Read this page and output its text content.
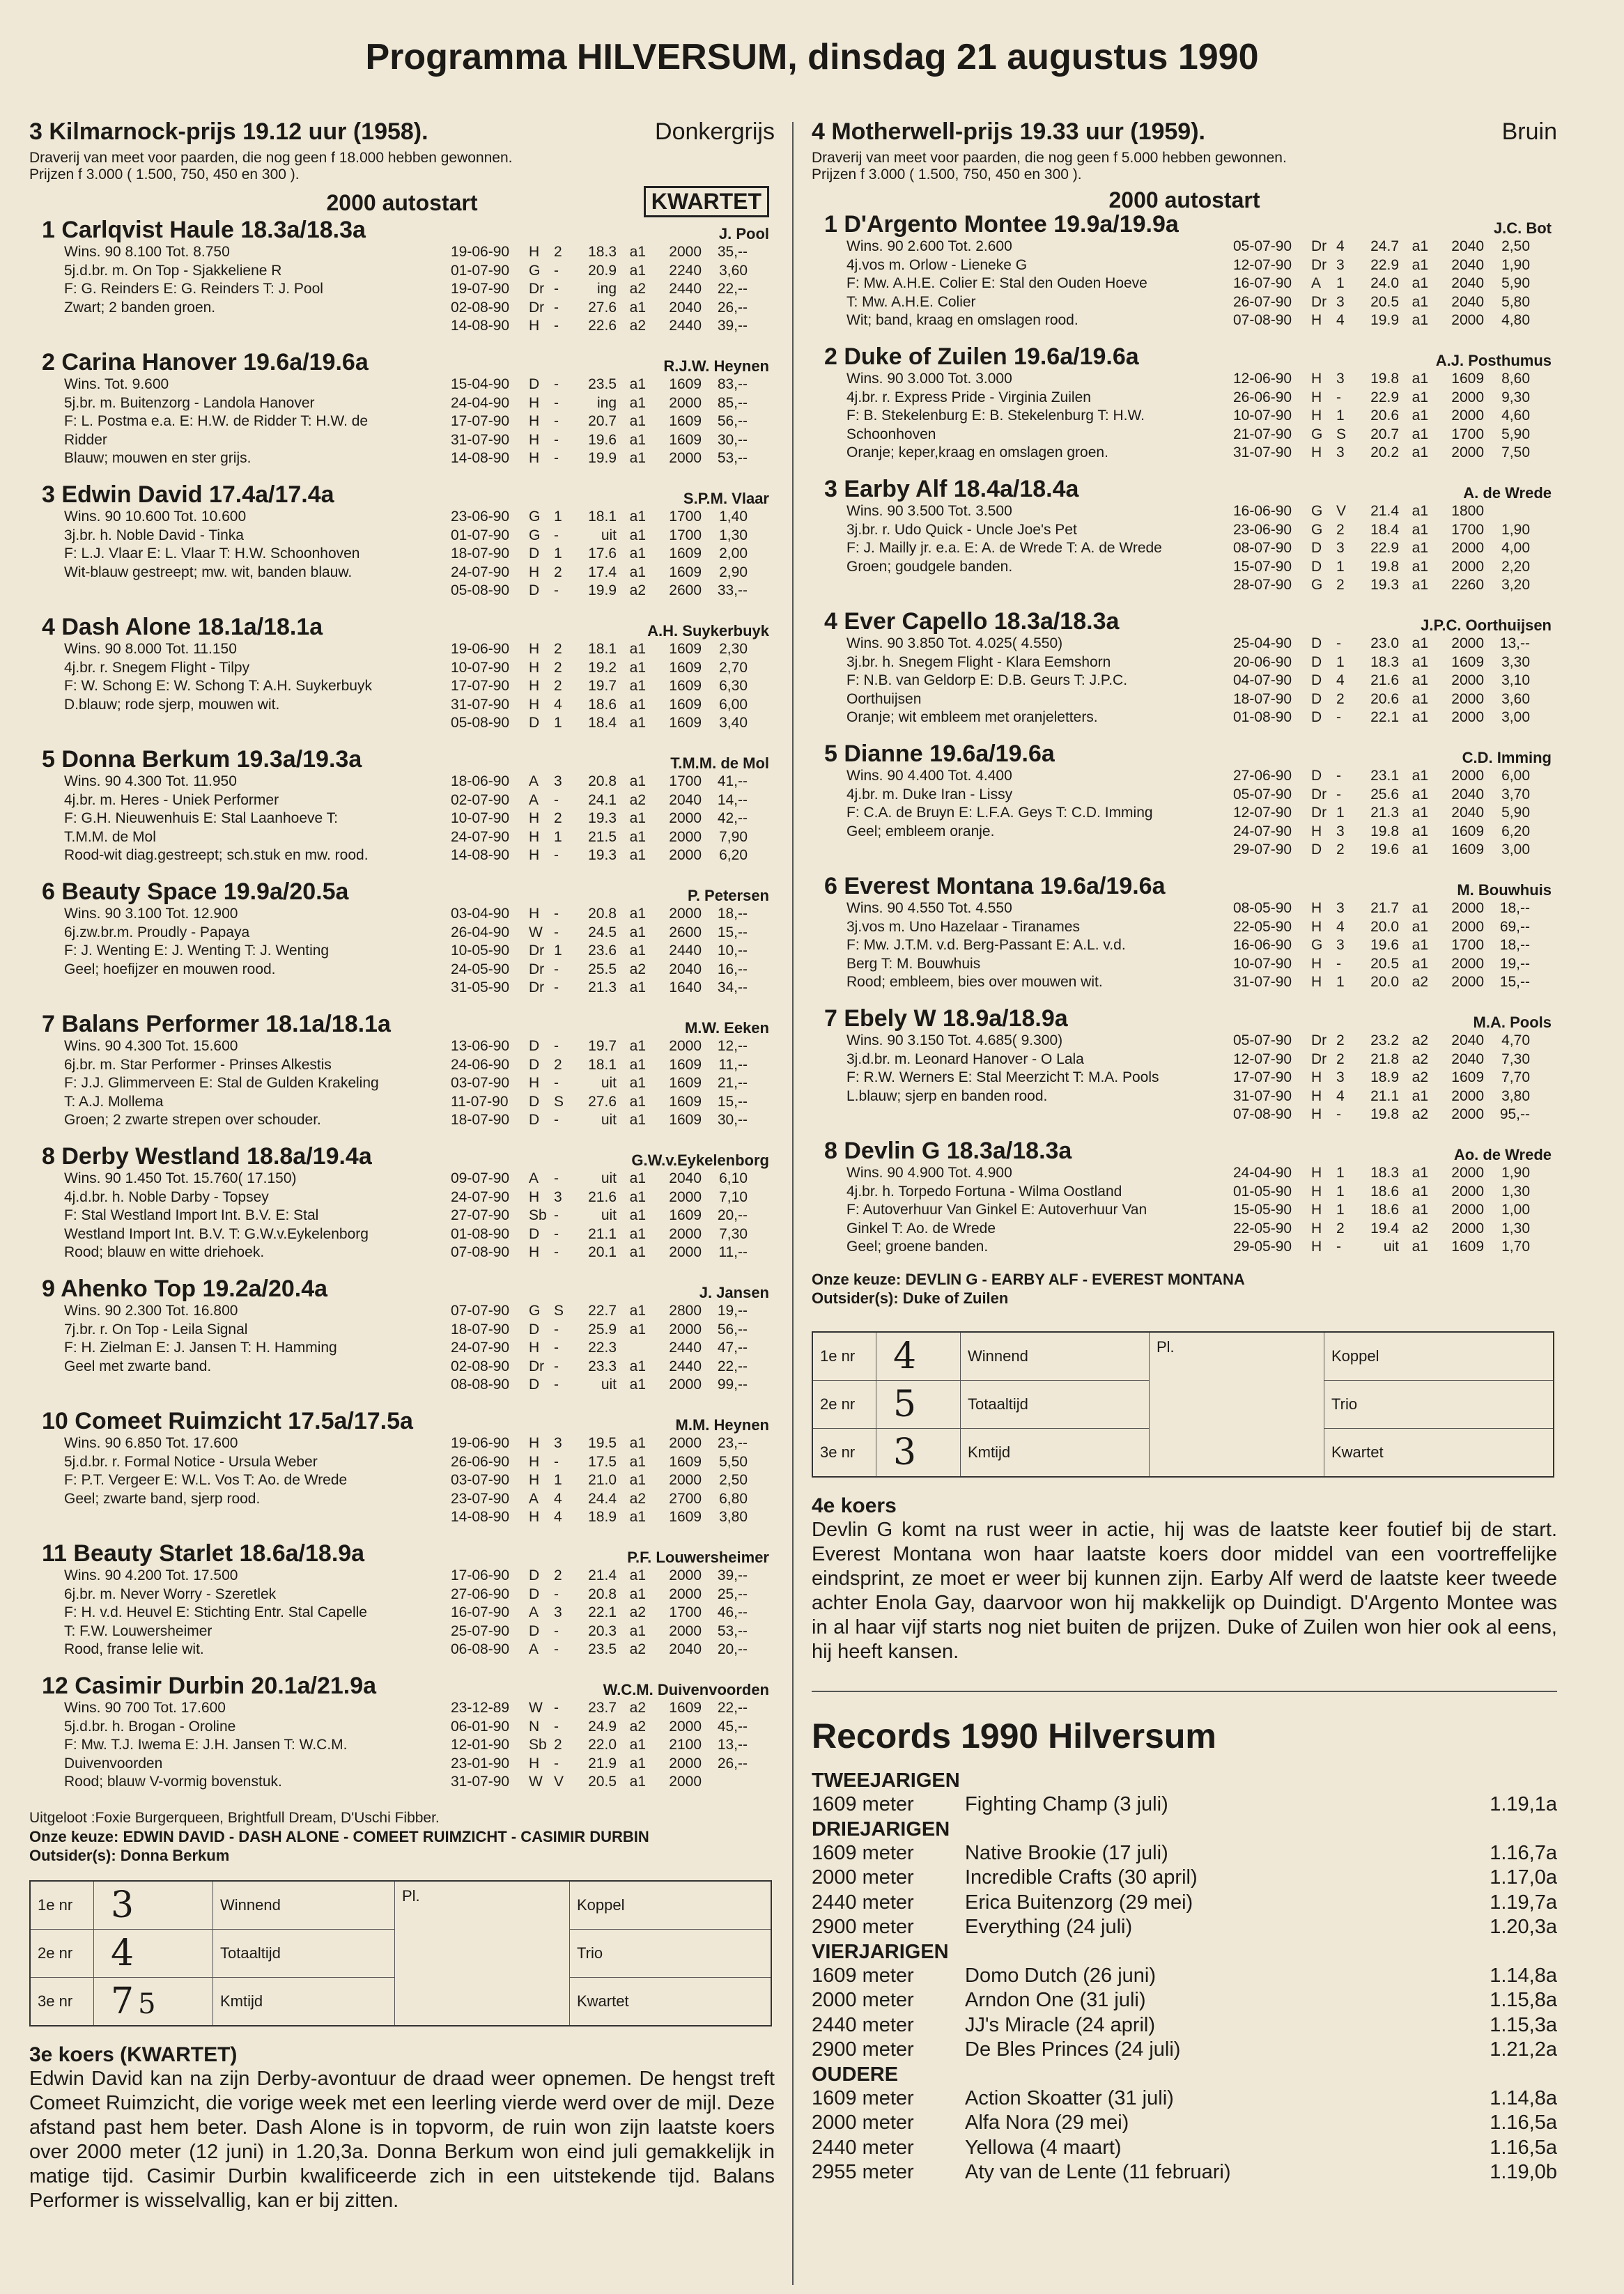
Programma HILVERSUM, dinsdag 21 augustus 1990
3 Kilmarnock-prijs 19.12 uur (1958).	Donkergrijs
Draverij van meet voor paarden, die nog geen f 18.000 hebben gewonnen.
Prijzen f 3.000 ( 1.500, 750, 450 en 300 ).
2000 autostart	KWARTET
1 Carlqvist Haule 18.3a/18.3a	J. Pool
Wins. 90 8.100 Tot. 8.750
5j.d.br. m. On Top - Sjakkeliene R
F: G. Reinders E: G. Reinders T: J. Pool
Zwart; 2 banden groen.
19-06-90	H 2	18.3 a1	2000	35,--
01-07-90	G -	20.9 a1	2240	3,60
19-07-90	Dr -	ing a2	2440	22,--
02-08-90	Dr -	27.6 a1	2040	26,--
14-08-90	H -	22.6 a2	2440	39,--
2 Carina Hanover 19.6a/19.6a	R.J.W. Heynen
Wins. Tot. 9.600
5j.br. m. Buitenzorg - Landola Hanover
F: L. Postma e.a. E: H.W. de Ridder T: H.W. de
Ridder
Blauw; mouwen en ster grijs.
15-04-90	D -	23.5 a1	1609	83,--
24-04-90	H -	ing a1	2000	85,--
17-07-90	H -	20.7 a1	1609	56,--
31-07-90	H -	19.6 a1	1609	30,--
14-08-90	H -	19.9 a1	2000	53,--
3 Edwin David 17.4a/17.4a	S.P.M. Vlaar
Wins. 90 10.600 Tot. 10.600
3j.br. h. Noble David - Tinka
F: L.J. Vlaar E: L. Vlaar T: H.W. Schoonhoven
Wit-blauw gestreept; mw. wit, banden blauw.
23-06-90	G 1	18.1 a1	1700	1,40
01-07-90	G -	uit a1	1700	1,30
18-07-90	D 1	17.6 a1	1609	2,00
24-07-90	H 2	17.4 a1	1609	2,90
05-08-90	D -	19.9 a2	2600	33,--
4 Dash Alone 18.1a/18.1a	A.H. Suykerbuyk
Wins. 90 8.000 Tot. 11.150
4j.br. r. Snegem Flight - Tilpy
F: W. Schong E: W. Schong T: A.H. Suykerbuyk
D.blauw; rode sjerp, mouwen wit.
19-06-90	H 2	18.1 a1	1609	2,30
10-07-90	H 2	19.2 a1	1609	2,70
17-07-90	H 2	19.7 a1	1609	6,30
31-07-90	H 4	18.6 a1	1609	6,00
05-08-90	D 1	18.4 a1	1609	3,40
5 Donna Berkum 19.3a/19.3a	T.M.M. de Mol
Wins. 90 4.300 Tot. 11.950
4j.br. m. Heres - Uniek Performer
F: G.H. Nieuwenhuis E: Stal Laanhoeve T:
T.M.M. de Mol
Rood-wit diag.gestreept; sch.stuk en mw. rood.
18-06-90	A	3	20.8 a1	1700	41,--
02-07-90	A	-	24.1 a2	2040	14,--
10-07-90	H 2	19.3 a1	2000	42,--
24-07-90	H 1	21.5 a1	2000	7,90
14-08-90	H -	19.3 a1	2000	6,20
6 Beauty Space 19.9a/20.5a	P. Petersen
Wins. 90 3.100 Tot. 12.900
6j.zw.br.m. Proudly - Papaya
F: J. Wenting E: J. Wenting T: J. Wenting
Geel; hoefijzer en mouwen rood.
03-04-90	H -	20.8 a1	2000	18,--
26-04-90	W -	24.5 a1	2600	15,--
10-05-90	Dr 1	23.6 a1	2440	10,--
24-05-90	Dr -	25.5 a2	2040	16,--
31-05-90	Dr -	21.3 a1	1640	34,--
7 Balans Performer 18.1a/18.1a	M.W. Eeken
Wins. 90 4.300 Tot. 15.600
6j.br. m. Star Performer - Prinses Alkestis
F: J.J. Glimmerveen E: Stal de Gulden Krakeling
T: A.J. Mollema
Groen; 2 zwarte strepen over schouder.
13-06-90	D -	19.7 a1	2000	12,--
24-06-90	D 2	18.1 a1	1609	11,--
03-07-90	H -	uit a1	1609	21,--
11-07-90	D S	27.6 a1	1609	15,--
18-07-90	D -	uit a1	1609	30,--
8 Derby Westland 18.8a/19.4a	G.W.v.Eykelenborg
Wins. 90 1.450 Tot. 15.760( 17.150)
4j.d.br. h. Noble Darby - Topsey
F: Stal Westland Import Int. B.V. E: Stal
Westland Import Int. B.V. T: G.W.v.Eykelenborg
Rood; blauw en witte driehoek.
09-07-90	A	-	uit a1	2040	6,10
24-07-90	H 3	21.6 a1	2000	7,10
27-07-90	Sb -	uit a1	1609	20,--
01-08-90	D -	21.1 a1	2000	7,30
07-08-90	H -	20.1 a1	2000	11,--
9 Ahenko Top 19.2a/20.4a	J. Jansen
Wins. 90 2.300 Tot. 16.800
7j.br. r. On Top - Leila Signal
F: H. Zielman E: J. Jansen T: H. Hamming
Geel met zwarte band.
07-07-90	G S	22.7 a1	2800	19,--
18-07-90	D -	25.9 a1	2000	56,--
24-07-90	H -	22.3	2440	47,--
02-08-90	Dr -	23.3 a1	2440	22,--
08-08-90	D -	uit a1	2000	99,--
10 Comeet Ruimzicht 17.5a/17.5a	M.M. Heynen
Wins. 90 6.850 Tot. 17.600
5j.d.br. r. Formal Notice - Ursula Weber
F: P.T. Vergeer E: W.L. Vos T: Ao. de Wrede
Geel; zwarte band, sjerp rood.
19-06-90	H 3	19.5 a1	2000	23,--
26-06-90	H -	17.5 a1	1609	5,50
03-07-90	H 1	21.0 a1	2000	2,50
23-07-90	A	4	24.4 a2	2700	6,80
14-08-90	H 4	18.9 a1	1609	3,80
11 Beauty Starlet 18.6a/18.9a	P.F. Louwersheimer
Wins. 90 4.200 Tot. 17.500
6j.br. m. Never Worry - Szeretlek
F: H. v.d. Heuvel E: Stichting Entr. Stal Capelle
T: F.W. Louwersheimer
Rood, franse lelie wit.
17-06-90	D 2	21.4 a1	2000	39,--
27-06-90	D -	20.8 a1	2000	25,--
16-07-90	A	3	22.1 a2	1700	46,--
25-07-90	D -	20.3 a1	2000	53,--
06-08-90	A	-	23.5 a2	2040	20,--
12 Casimir Durbin 20.1a/21.9a	W.C.M. Duivenvoorden
Wins. 90 700 Tot. 17.600
5j.d.br. h. Brogan - Oroline
F: Mw. T.J. Iwema E: J.H. Jansen T: W.C.M.
Duivenvoorden
Rood; blauw V-vormig bovenstuk.
23-12-89	W -	23.7 a2	1609	22,--
06-01-90	N -	24.9 a2	2000	45,--
12-01-90	Sb 2	22.0 a1	2100	13,--
23-01-90	H -	21.9 a1	2000	26,--
31-07-90	W V	20.5 a1	2000
Uitgeloot :Foxie Burgerqueen, Brightfull Dream, D'Uschi Fibber.
Onze keuze: EDWIN DAVID - DASH ALONE - COMEET RUIMZICHT - CASIMIR DURBIN
Outsider(s): Donna Berkum
1e nr	3	Winnend	Pl.	Koppel
2e nr	4	Totaaltijd		Trio
3e nr	7 5	Kmtijd		Kwartet
3e koers (KWARTET)
Edwin David kan na zijn Derby-avontuur de draad weer opnemen. De hengst treft Comeet Ruimzicht, die vorige week met een leerling vierde werd over de mijl. Deze afstand past hem beter. Dash Alone is in topvorm, de ruin won zijn laatste koers over 2000 meter (12 juni) in 1.20,3a. Donna Berkum won eind juli gemakkelijk in matige tijd. Casimir Durbin kwalificeerde zich in een uitstekende tijd. Balans Performer is wisselvallig, kan er bij zitten.
4 Motherwell-prijs 19.33 uur (1959).	Bruin
Draverij van meet voor paarden, die nog geen f 5.000 hebben gewonnen.
Prijzen f 3.000 ( 1.500, 750, 450 en 300 ).
2000 autostart
1 D'Argento Montee 19.9a/19.9a	J.C. Bot
Wins. 90 2.600 Tot. 2.600
4j.vos m. Orlow - Lieneke G
F: Mw. A.H.E. Colier E: Stal den Ouden Hoeve
T: Mw. A.H.E. Colier
Wit; band, kraag en omslagen rood.
05-07-90	Dr 4	24.7 a1	2040	2,50
12-07-90	Dr 3	22.9 a1	2040	1,90
16-07-90	A	1	24.0 a1	2040	5,90
26-07-90	Dr 3	20.5 a1	2040	5,80
07-08-90	H 4	19.9 a1	2000	4,80
2 Duke of Zuilen 19.6a/19.6a	A.J. Posthumus
Wins. 90 3.000 Tot. 3.000
4j.br. r. Express Pride - Virginia Zuilen
F: B. Stekelenburg E: B. Stekelenburg T: H.W.
Schoonhoven
Oranje; keper,kraag en omslagen groen.
12-06-90	H 3	19.8 a1	1609	8,60
26-06-90	H -	22.9 a1	2000	9,30
10-07-90	H 1	20.6 a1	2000	4,60
21-07-90	G S	20.7 a1	1700	5,90
31-07-90	H 3	20.2 a1	2000	7,50
3 Earby Alf 18.4a/18.4a	A. de Wrede
Wins. 90 3.500 Tot. 3.500
3j.br. r. Udo Quick - Uncle Joe's Pet
F: J. Mailly jr. e.a. E: A. de Wrede T: A. de Wrede
Groen; goudgele banden.
16-06-90	G V	21.4 a1	1800
23-06-90	G 2	18.4 a1	1700	1,90
08-07-90	D 3	22.9 a1	2000	4,00
15-07-90	D 1	19.8 a1	2000	2,20
28-07-90	G 2	19.3 a1	2260	3,20
4 Ever Capello 18.3a/18.3a	J.P.C. Oorthuijsen
Wins. 90 3.850 Tot. 4.025( 4.550)
3j.br. h. Snegem Flight - Klara Eemshorn
F: N.B. van Geldorp E: D.B. Geurs T: J.P.C.
Oorthuijsen
Oranje; wit embleem met oranjeletters.
25-04-90	D -	23.0 a1	2000	13,--
20-06-90	D 1	18.3 a1	1609	3,30
04-07-90	D 4	21.6 a1	2000	3,10
18-07-90	D 2	20.6 a1	2000	3,60
01-08-90	D -	22.1 a1	2000	3,00
5 Dianne 19.6a/19.6a	C.D. Imming
Wins. 90 4.400 Tot. 4.400
4j.br. m. Duke Iran - Lissy
F: C.A. de Bruyn E: L.F.A. Geys T: C.D. Imming
Geel; embleem oranje.
27-06-90	D -	23.1 a1	2000	6,00
05-07-90	Dr -	25.6 a1	2040	3,70
12-07-90	Dr 1	21.3 a1	2040	5,90
24-07-90	H 3	19.8 a1	1609	6,20
29-07-90	D 2	19.6 a1	1609	3,00
6 Everest Montana 19.6a/19.6a	M. Bouwhuis
Wins. 90 4.550 Tot. 4.550
3j.vos m. Uno Hazelaar - Tiranames
F: Mw. J.T.M. v.d. Berg-Passant E: A.L. v.d.
Berg T: M. Bouwhuis
Rood; embleem, bies over mouwen wit.
08-05-90	H 3	21.7 a1	2000	18,--
22-05-90	H 4	20.0 a1	2000	69,--
16-06-90	G 3	19.6 a1	1700	18,--
10-07-90	H -	20.5 a1	2000	19,--
31-07-90	H 1	20.0 a2	2000	15,--
7 Ebely W 18.9a/18.9a	M.A. Pools
Wins. 90 3.150 Tot. 4.685( 9.300)
3j.d.br. m. Leonard Hanover - O Lala
F: R.W. Werners E: Stal Meerzicht T: M.A. Pools
L.blauw; sjerp en banden rood.
05-07-90	Dr 2	23.2 a2	2040	4,70
12-07-90	Dr 2	21.8 a2	2040	7,30
17-07-90	H 3	18.9 a2	1609	7,70
31-07-90	H 4	21.1 a1	2000	3,80
07-08-90	H -	19.8 a2	2000	95,--
8 Devlin G 18.3a/18.3a	Ao. de Wrede
Wins. 90 4.900 Tot. 4.900
4j.br. h. Torpedo Fortuna - Wilma Oostland
F: Autoverhuur Van Ginkel E: Autoverhuur Van
Ginkel T: Ao. de Wrede
Geel; groene banden.
24-04-90	H 1	18.3 a1	2000	1,90
01-05-90	H 1	18.6 a1	2000	1,30
15-05-90	H 1	18.6 a1	2000	1,00
22-05-90	H 2	19.4 a2	2000	1,30
29-05-90	H -	uit a1	1609	1,70
Onze keuze: DEVLIN G - EARBY ALF - EVEREST MONTANA
Outsider(s): Duke of Zuilen
1e nr	4	Winnend	Pl.	Koppel
2e nr	5	Totaaltijd		Trio
3e nr	3	Kmtijd		Kwartet
4e koers
Devlin G komt na rust weer in actie, hij was de laatste keer foutief bij de start. Everest Montana won haar laatste koers door middel van een voortreffelijke eindsprint, ze moet er weer bij kunnen zijn. Earby Alf werd de laatste keer tweede achter Enola Gay, daarvoor won hij makkelijk op Duindigt. D'Argento Montee was in al haar vijf starts nog niet buiten de prijzen. Duke of Zuilen won hier ook al eens, hij heeft kansen.
Records 1990 Hilversum
TWEEJARIGEN
1609 meter	Fighting Champ (3 juli)	1.19,1a
DRIEJARIGEN
1609 meter	Native Brookie (17 juli)	1.16,7a
2000 meter	Incredible Crafts (30 april)	1.17,0a
2440 meter	Erica Buitenzorg (29 mei)	1.19,7a
2900 meter	Everything (24 juli)	1.20,3a
VIERJARIGEN
1609 meter	Domo Dutch (26 juni)	1.14,8a
2000 meter	Arndon One (31 juli)	1.15,8a
2440 meter	JJ's Miracle (24 april)	1.15,3a
2900 meter	De Bles Princes (24 juli)	1.21,2a
OUDERE
1609 meter	Action Skoatter (31 juli)	1.14,8a
2000 meter	Alfa Nora (29 mei)	1.16,5a
2440 meter	Yellowa (4 maart)	1.16,5a
2955 meter	Aty van de Lente (11 februari)	1.19,0b
